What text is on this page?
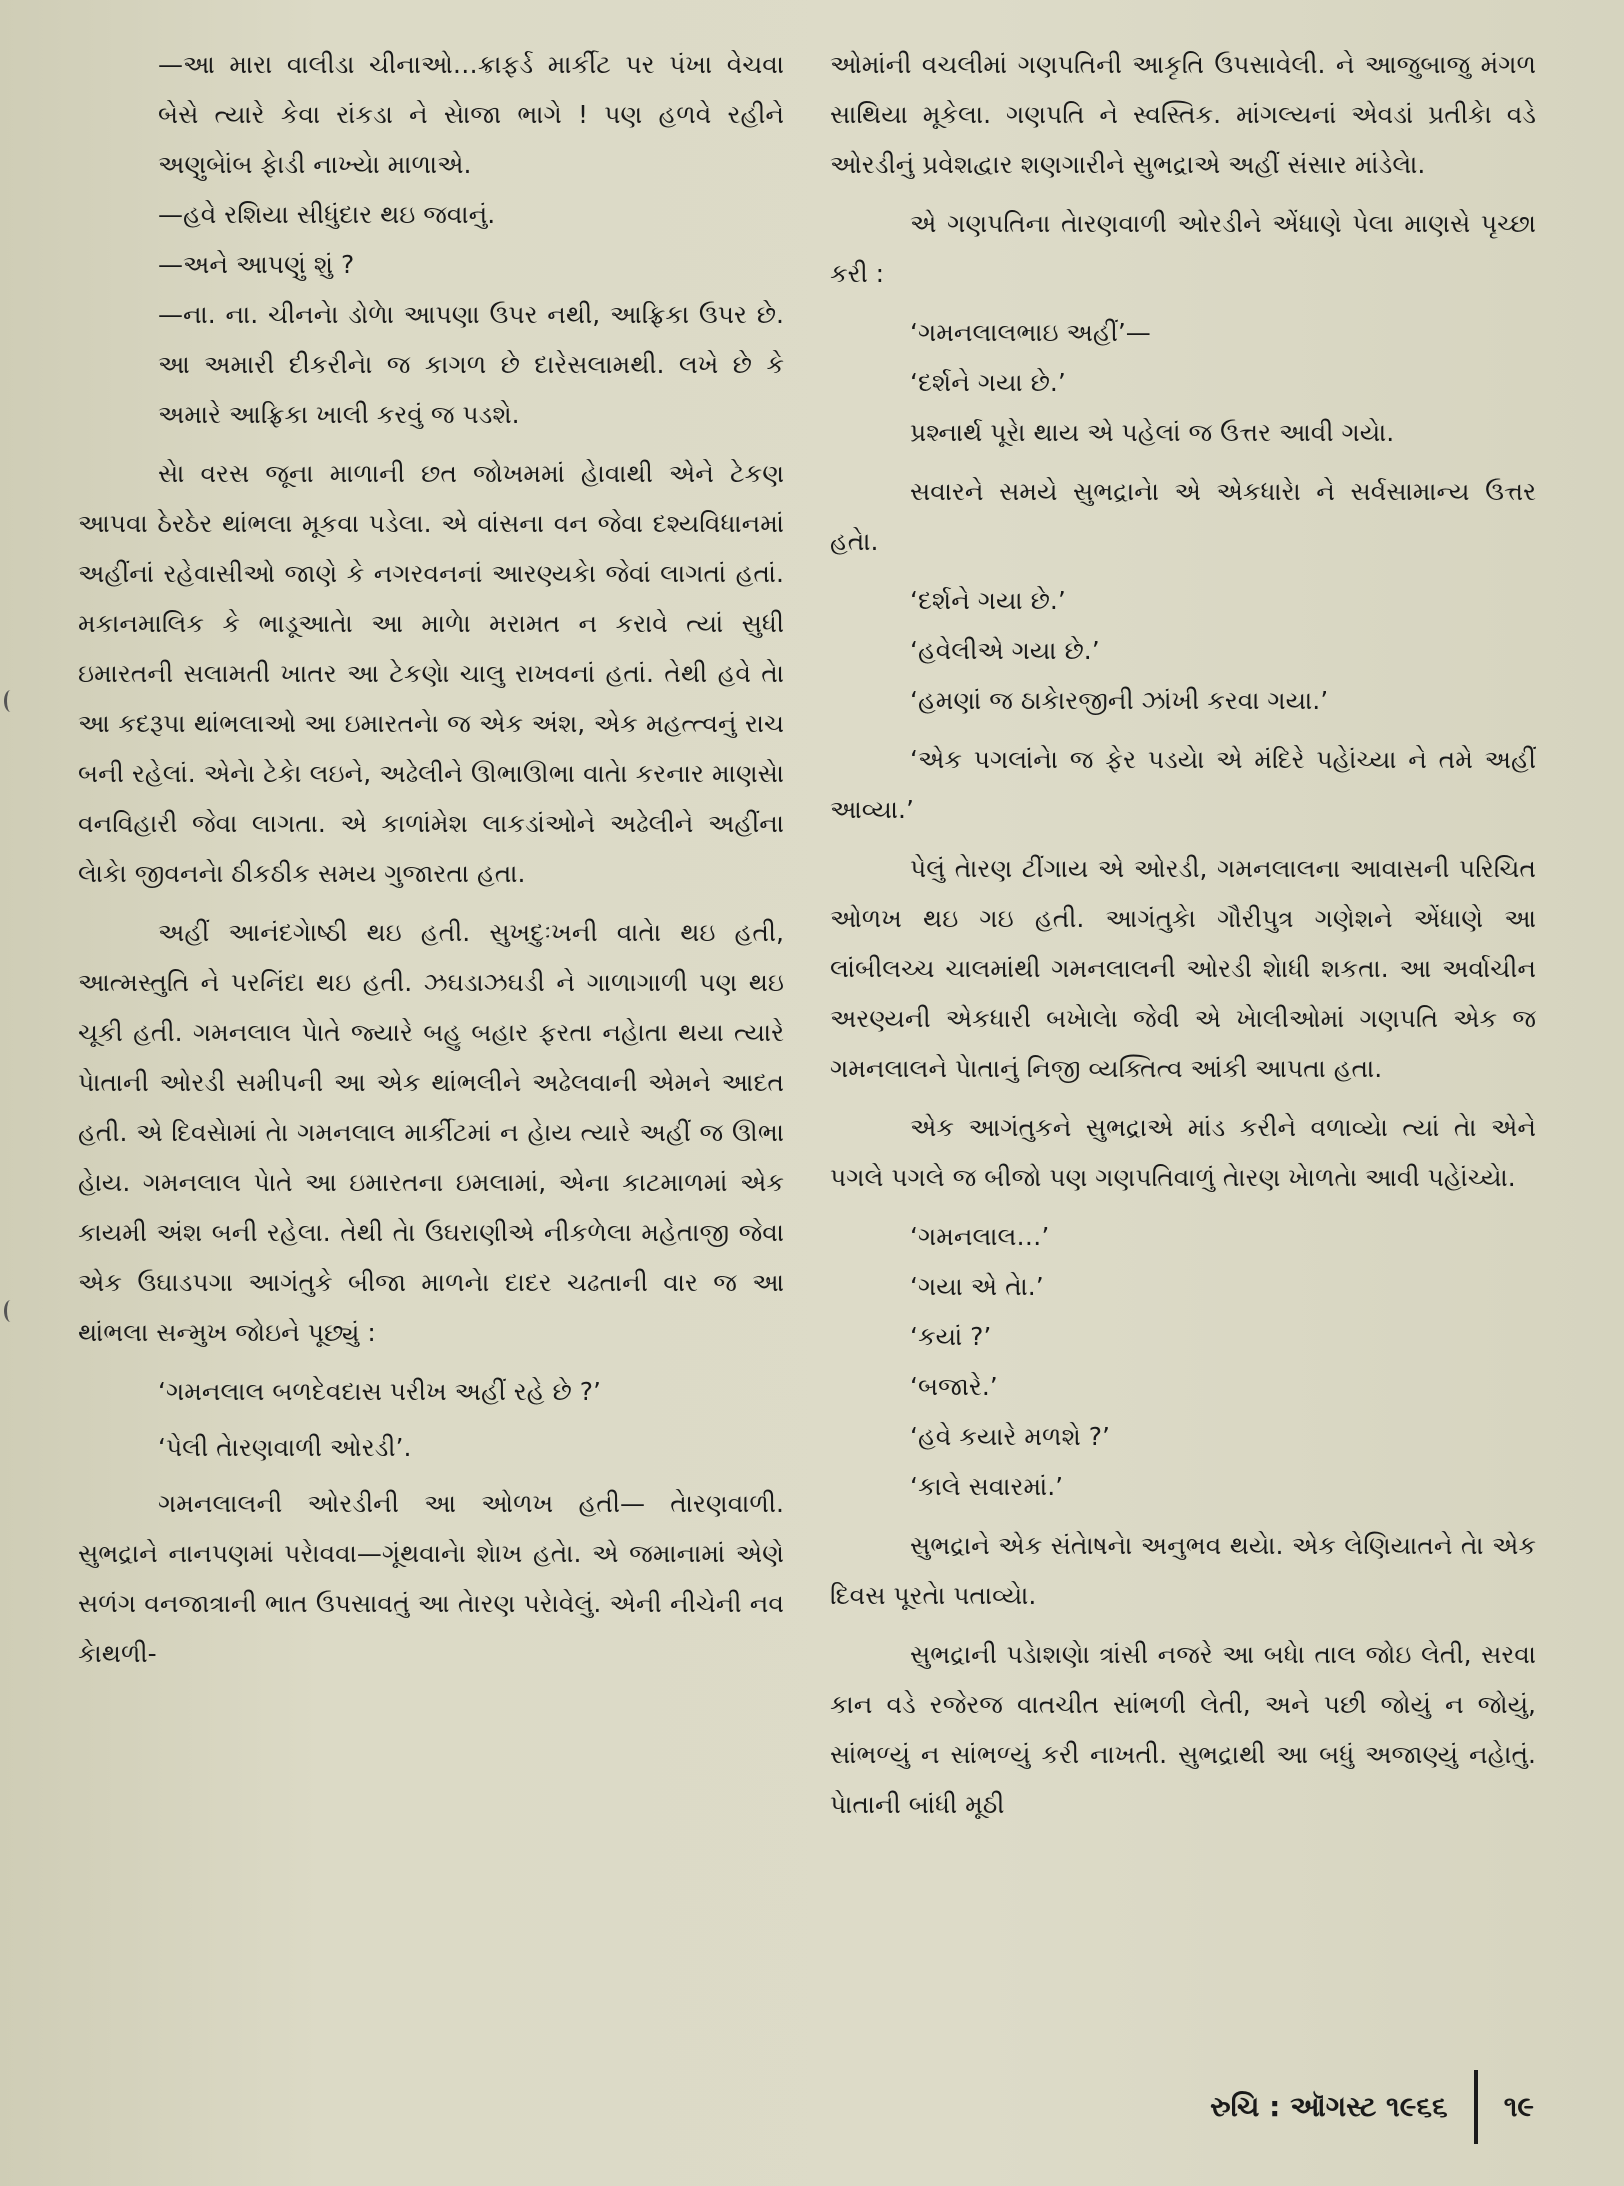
—આ મારા વાલીડા ચીનાઓ…ક્રાફર્ડ માર્કીટ પર પંખા વેચવા બેસે ત્યારે કેવા રાંકડા ને સેાજા ભાગે ! પણ હળવે રહીને અણુબેાંબ ફેાડી નાખ્યેા માળાએ.

—હવે રશિયા સીધુંદાર થઇ જવાનું.

—અને આપણું શું ?

—ના. ના. ચીનનેા ડોળેા આપણા ઉપર નથી, આફ્રિકા ઉપર છે. આ અમારી દીકરીનેા જ કાગળ છે દારેસલામથી. લખે છે કે અમારે આફ્રિકા ખાલી કરવું જ પડશે.

સેા વરસ જૂના માળાની છત જોખમમાં હેાવાથી એને ટેકણ આપવા ઠેરઠેર થાંભલા મૂકવા પડેલા. એ વાંસના વન જેવા દશ્યવિધાનમાં અહીંનાં રહેવાસીઓ જાણે કે નગરવનનાં આરણ્યકેા જેવાં લાગતાં હતાં. મકાનમાલિક કે ભાડૂઆતેા આ માળેા મરામત ન કરાવે ત્યાં સુધી ઇમારતની સલામતી ખાતર આ ટેકણેા ચાલુ રાખવનાં હતાં. તેથી હવે તેા આ કદરૂપા થાંભલાઓ આ ઇમારતનેા જ એક અંશ, એક મહત્ત્વનું રાચ બની રહેલાં. એનેા ટેકેા લઇને, અઢેલીને ઊભાઊભા વાતેા કરનાર માણસેા વનવિહારી જેવા લાગતા. એ કાળાંમેશ લાકડાંઓને અઢેલીને અહીંના લેાકેા જીવનનેા ઠીકઠીક સમય ગુજારતા હતા.

અહીં આનંદગેાષ્ઠી થઇ હતી. સુખદુઃખની વાતેા થઇ હતી, આત્મસ્તુતિ ને પરનિંદા થઇ હતી. ઝઘડાઝઘડી ને ગાળાગાળી પણ થઇ ચૂકી હતી. ગમનલાલ પેાતે જ્યારે બહુ બહાર ફરતા નહેાતા થયા ત્યારે પેાતાની ઓરડી સમીપની આ એક થાંભલીને અઢેલવાની એમને આદત હતી. એ દિવસેામાં તેા ગમનલાલ માર્કીટમાં ન હેાય ત્યારે અહીં જ ઊભા હેાય. ગમનલાલ પેાતે આ ઇમારતના ઇમલામાં, એના કાટમાળમાં એક કાયમી અંશ બની રહેલા. તેથી તેા ઉઘરાણીએ નીકળેલા મહેતાજી જેવા એક ઉઘાડપગા આગંતુકે બીજા માળનેા દાદર ચઢતાની વાર જ આ થાંભલા સન્મુખ જોઇને પૂછ્યું :

‘ગમનલાલ બળદેવદાસ પરીખ અહીં રહે છે ?’

‘પેલી તેારણવાળી ઓરડી’.

ગમનલાલની ઓરડીની આ ઓળખ હતી— તેારણવાળી. સુભદ્રાને નાનપણમાં પરેાવવા—ગૂંથવાનેા શેાખ હતેા. એ જમાનામાં એણે સળંગ વનજાત્રાની ભાત ઉપસાવતું આ તેારણ પરેાવેલું. એની નીચેની નવ કેાથળી-

ઓમાંની વચલીમાં ગણપતિની આકૃતિ ઉપસાવેલી. ને આજુબાજુ મંગળ સાથિયા મૂકેલા. ગણપતિ ને સ્વસ્તિક. માંગલ્યનાં એવડાં પ્રતીકેા વડે ઓરડીનું પ્રવેશદ્વાર શણગારીને સુભદ્રાએ અહીં સંસાર માંડેલેા.

એ ગણપતિના તેારણવાળી ઓરડીને એંધાણે પેલા માણસે પૃચ્છા કરી :

‘ગમનલાલભાઇ અહીં’—

‘દર્શને ગયા છે.’

પ્રશ્નાર્થ પૂરેા થાય એ પહેલાં જ ઉત્તર આવી ગયેા.

સવારને સમયે સુભદ્રાનેા એ એકધારેા ને સર્વસામાન્ય ઉત્તર હતેા.

‘દર્શને ગયા છે.’

‘હવેલીએ ગયા છે.’

‘હમણાં જ ઠાકેારજીની ઝાંખી કરવા ગયા.’

‘એક પગલાંનેા જ ફેર પડયેા એ મંદિરે પહેાંચ્યા ને તમે અહીં આવ્યા.’

પેલું તેારણ ટીંગાય એ ઓરડી, ગમનલાલના આવાસની પરિચિત ઓળખ થઇ ગઇ હતી. આગંતુકેા ગૌરીપુત્ર ગણેશને એંધાણે આ લાંબીલચ્ચ ચાલમાંથી ગમનલાલની ઓરડી શેાધી શકતા. આ અર્વાચીન અરણ્યની એકધારી બખેાલેા જેવી એ ખેાલીઓમાં ગણપતિ એક જ ગમનલાલને પેાતાનું નિજી વ્યક્તિત્વ આંકી આપતા હતા.

એક આગંતુકને સુભદ્રાએ માંડ કરીને વળાવ્યેા ત્યાં તેા એને પગલે પગલે જ બીજો પણ ગણપતિવાળું તેારણ ખેાળતેા આવી પહેાંચ્યેા.

‘ગમનલાલ…’

‘ગયા એ તેા.’

‘કયાં ?’

‘બજારે.’

‘હવે કયારે મળશે ?’

‘કાલે સવારમાં.’

સુભદ્રાને એક સંતેાષનેા અનુભવ થયેા. એક લેણિયાતને તેા એક દિવસ પૂરતેા પતાવ્યેા.

સુભદ્રાની પડેાશણેા ત્રાંસી નજરે આ બધેા તાલ જોઇ લેતી, સરવા કાન વડે રજેરજ વાતચીત સાંભળી લેતી, અને પછી જોયું ન જોયું, સાંભળ્યું ન સાંભળ્યું કરી નાખતી. સુભદ્રાથી આ બધું અજાણ્યું નહેાતું. પેાતાની બાંધી મૂઠી

રુચિ : ઑગસ્ટ ૧૯૬૬ ૧૯
